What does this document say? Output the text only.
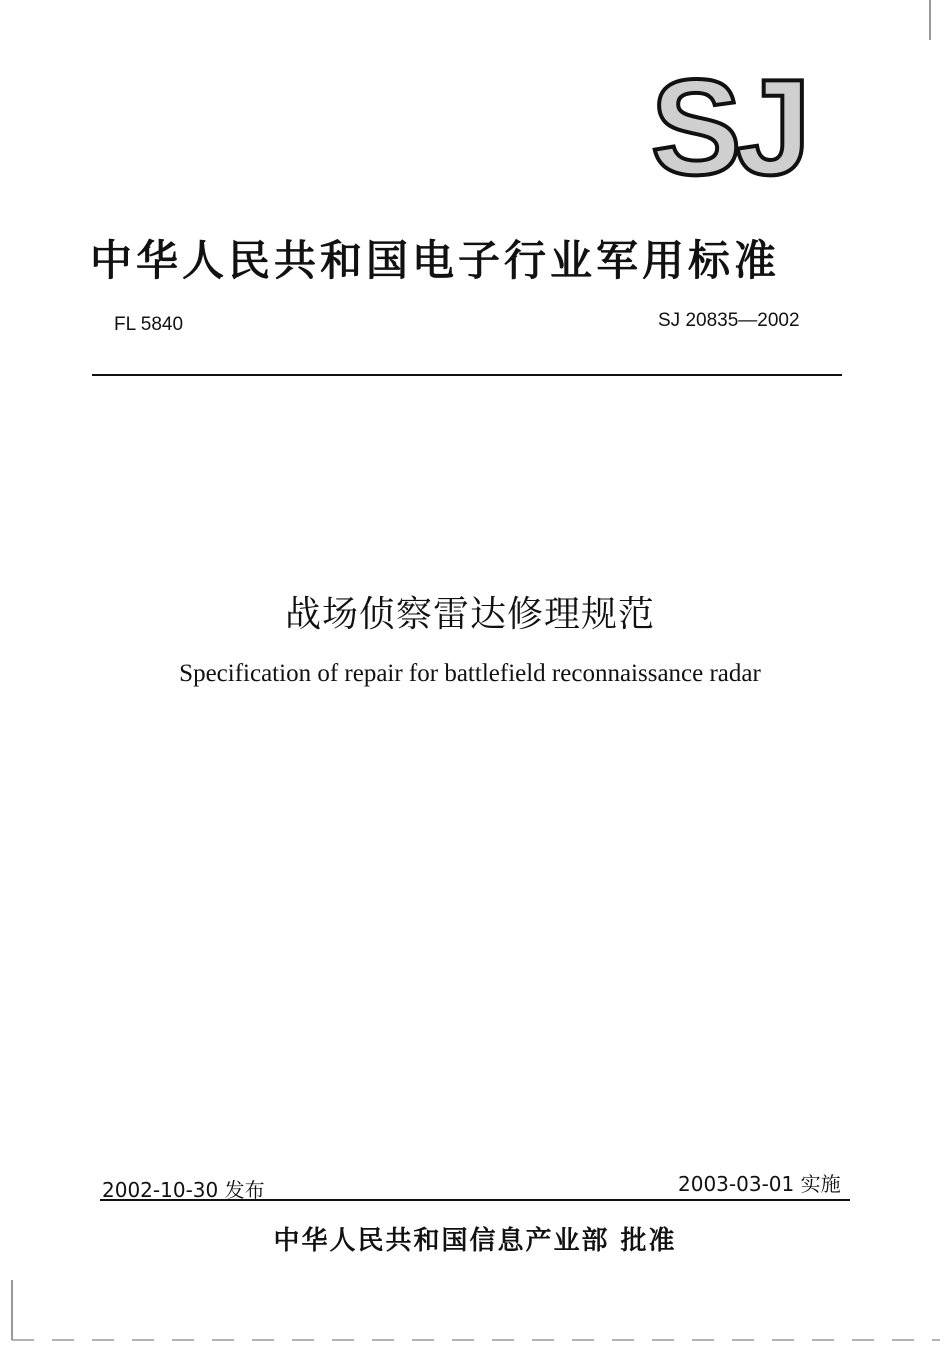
SJ
中华人民共和国电子行业军用标准
FL 5840	SJ 20835—2002
战场侦察雷达修理规范
Specification of repair for battlefield reconnaissance radar
2002-10-30 发布	2003-03-01 实施
中华人民共和国信息产业部 批准
